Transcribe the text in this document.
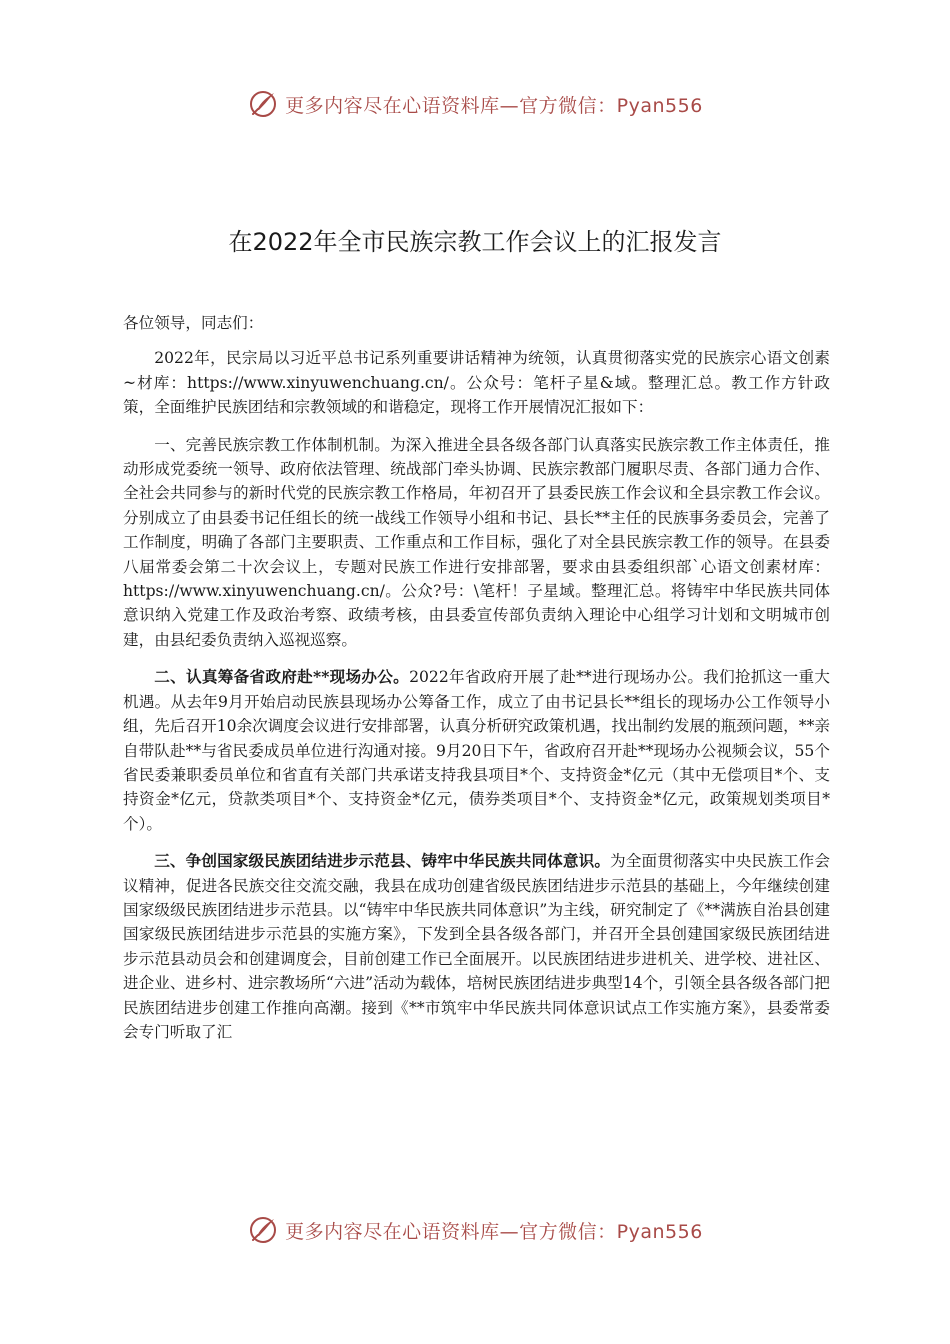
更多内容尽在心语资料库—官方微信：Pyan556
在2022年全市民族宗教工作会议上的汇报发言

各位领导，同志们：

2022年，民宗局以习近平总书记系列重要讲话精神为统领，认真贯彻落实党的民族宗心语文创素~材库：https://www.xinyuwenchuang.cn/。公众号：笔杆子星&域。整理汇总。教工作方针政策，全面维护民族团结和宗教领域的和谐稳定，现将工作开展情况汇报如下：

一、完善民族宗教工作体制机制。为深入推进全县各级各部门认真落实民族宗教工作主体责任，推动形成党委统一领导、政府依法管理、统战部门牵头协调、民族宗教部门履职尽责、各部门通力合作、全社会共同参与的新时代党的民族宗教工作格局，年初召开了县委民族工作会议和全县宗教工作会议。分别成立了由县委书记任组长的统一战线工作领导小组和书记、县长**主任的民族事务委员会，完善了工作制度，明确了各部门主要职责、工作重点和工作目标，强化了对全县民族宗教工作的领导。在县委八届常委会第二十次会议上，专题对民族工作进行安排部署，要求由县委组织部`心语文创素材库：https://www.xinyuwenchuang.cn/。公众?号：\笔杆！子星域。整理汇总。将铸牢中华民族共同体意识纳入党建工作及政治考察、政绩考核，由县委宣传部负责纳入理论中心组学习计划和文明城市创建，由县纪委负责纳入巡视巡察。

二、认真筹备省政府赴**现场办公。2022年省政府开展了赴**进行现场办公。我们抢抓这一重大机遇。从去年9月开始启动民族县现场办公筹备工作，成立了由书记县长**组长的现场办公工作领导小组，先后召开10余次调度会议进行安排部署，认真分析研究政策机遇，找出制约发展的瓶颈问题，**亲自带队赴**与省民委成员单位进行沟通对接。9月20日下午，省政府召开赴**现场办公视频会议，55个省民委兼职委员单位和省直有关部门共承诺支持我县项目*个、支持资金*亿元（其中无偿项目*个、支持资金*亿元，贷款类项目*个、支持资金*亿元，债券类项目*个、支持资金*亿元，政策规划类项目*个）。

三、争创国家级民族团结进步示范县、铸牢中华民族共同体意识。为全面贯彻落实中央民族工作会议精神，促进各民族交往交流交融，我县在成功创建省级民族团结进步示范县的基础上，今年继续创建国家级级民族团结进步示范县。以“铸牢中华民族共同体意识”为主线，研究制定了《**满族自治县创建国家级民族团结进步示范县的实施方案》，下发到全县各级各部门，并召开全县创建国家级民族团结进步示范县动员会和创建调度会，目前创建工作已全面展开。以民族团结进步进机关、进学校、进社区、进企业、进乡村、进宗教场所“六进”活动为载体，培树民族团结进步典型14个，引领全县各级各部门把民族团结进步创建工作推向高潮。接到《**市筑牢中华民族共同体意识试点工作实施方案》，县委常委会专门听取了汇

更多内容尽在心语资料库—官方微信：Pyan556
